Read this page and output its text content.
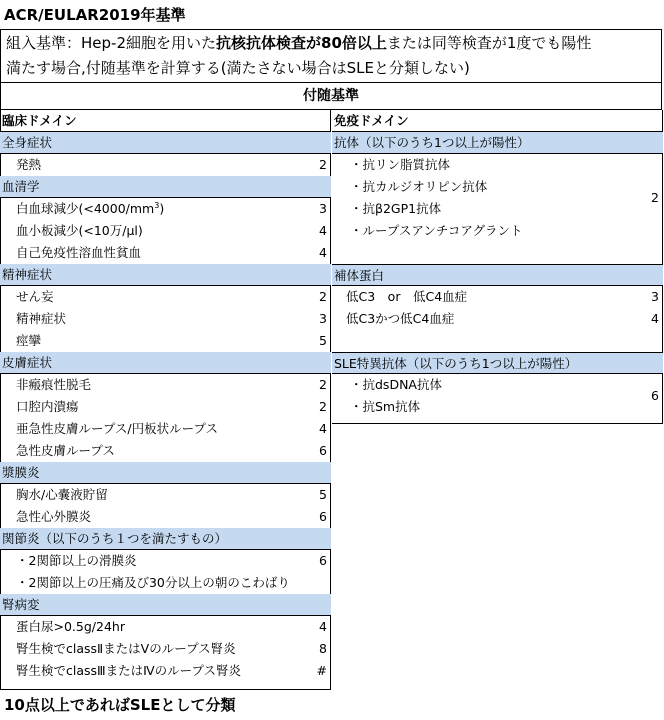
ACR/EULAR2019年基準
組入基準：Hep-2細胞を用いた抗核抗体検査が80倍以上または同等検査が1度でも陽性
満たす場合,付随基準を計算する(満たさない場合はSLEと分類しない)
付随基準
臨床ドメイン
全身症状
発熱	2
血清学
白血球減少$(<4000/mm^3)$	3
血小板減少(<10万/μl)	4
自己免疫性溶血性貧血	4
精神症状
せん妄	2
精神症状	3
痙攣	5
皮膚症状
非瘢痕性脱毛	2
口腔内潰瘍	2
亜急性皮膚ループス/円板状ループス	4
急性皮膚ループス	6
漿膜炎
胸水/心嚢液貯留	5
急性心外膜炎	6
関節炎（以下のうち１つを満たすもの）
・2関節以上の滑膜炎	6
・2関節以上の圧痛及び30分以上の朝のこわばり
腎病変
蛋白尿>0.5g/24hr	4
腎生検でclassⅡまたはⅤのループス腎炎	8
腎生検でclassⅢまたはⅣのループス腎炎	#
免疫ドメイン
抗体（以下のうち1つ以上が陽性）
・抗リン脂質抗体
・抗カルジオリピン抗体
・抗β2GP1抗体
・ループスアンチコアグラント
2
補体蛋白
低C3　or　低C4血症	3
低C3かつ低C4血症	4
SLE特異抗体（以下のうち1つ以上が陽性）
・抗dsDNA抗体
・抗Sm抗体
6
10点以上であればSLEとして分類
